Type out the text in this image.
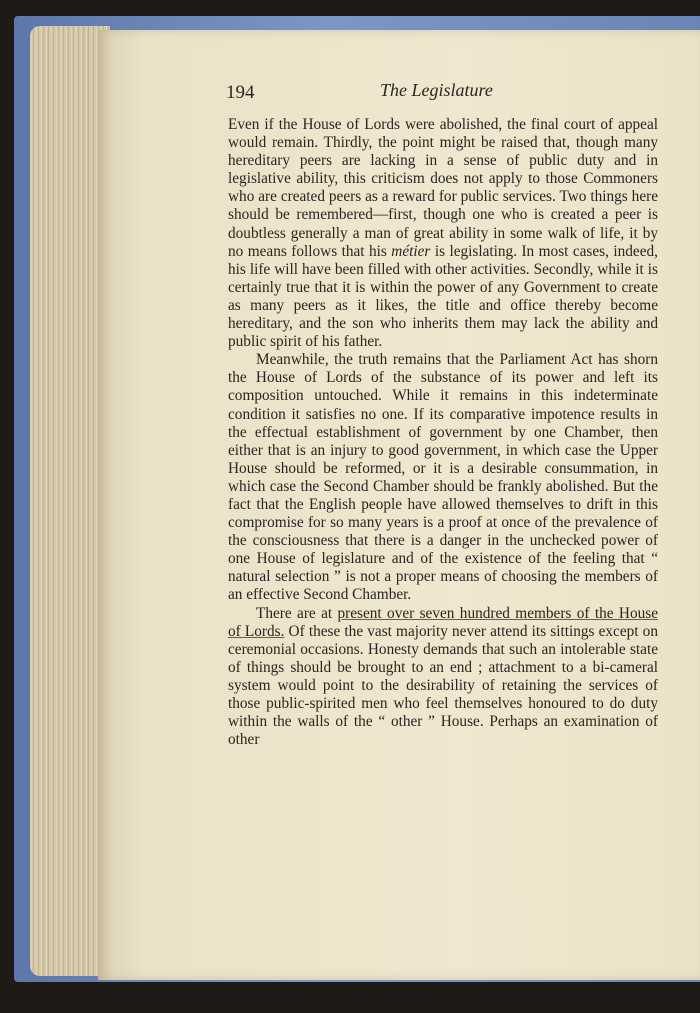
194	The Legislature

Even if the House of Lords were abolished, the final court of appeal would remain. Thirdly, the point might be raised that, though many hereditary peers are lacking in a sense of public duty and in legislative ability, this criticism does not apply to those Commoners who are created peers as a reward for public services. Two things here should be remembered—first, though one who is created a peer is doubtless generally a man of great ability in some walk of life, it by no means follows that his métier is legislating. In most cases, indeed, his life will have been filled with other activities. Secondly, while it is certainly true that it is within the power of any Government to create as many peers as it likes, the title and office thereby become hereditary, and the son who inherits them may lack the ability and public spirit of his father.

Meanwhile, the truth remains that the Parliament Act has shorn the House of Lords of the substance of its power and left its composition untouched. While it remains in this indeterminate condition it satisfies no one. If its comparative impotence results in the effectual establishment of government by one Chamber, then either that is an injury to good government, in which case the Upper House should be reformed, or it is a desirable consummation, in which case the Second Chamber should be frankly abolished. But the fact that the English people have allowed themselves to drift in this compromise for so many years is a proof at once of the prevalence of the consciousness that there is a danger in the unchecked power of one House of legislature and of the existence of the feeling that “ natural selection ” is not a proper means of choosing the members of an effective Second Chamber.

There are at present over seven hundred members of the House of Lords. Of these the vast majority never attend its sittings except on ceremonial occasions. Honesty demands that such an intolerable state of things should be brought to an end ; attachment to a bi-cameral system would point to the desirability of retaining the services of those public-spirited men who feel themselves honoured to do duty within the walls of the “ other ” House. Perhaps an examination of other
